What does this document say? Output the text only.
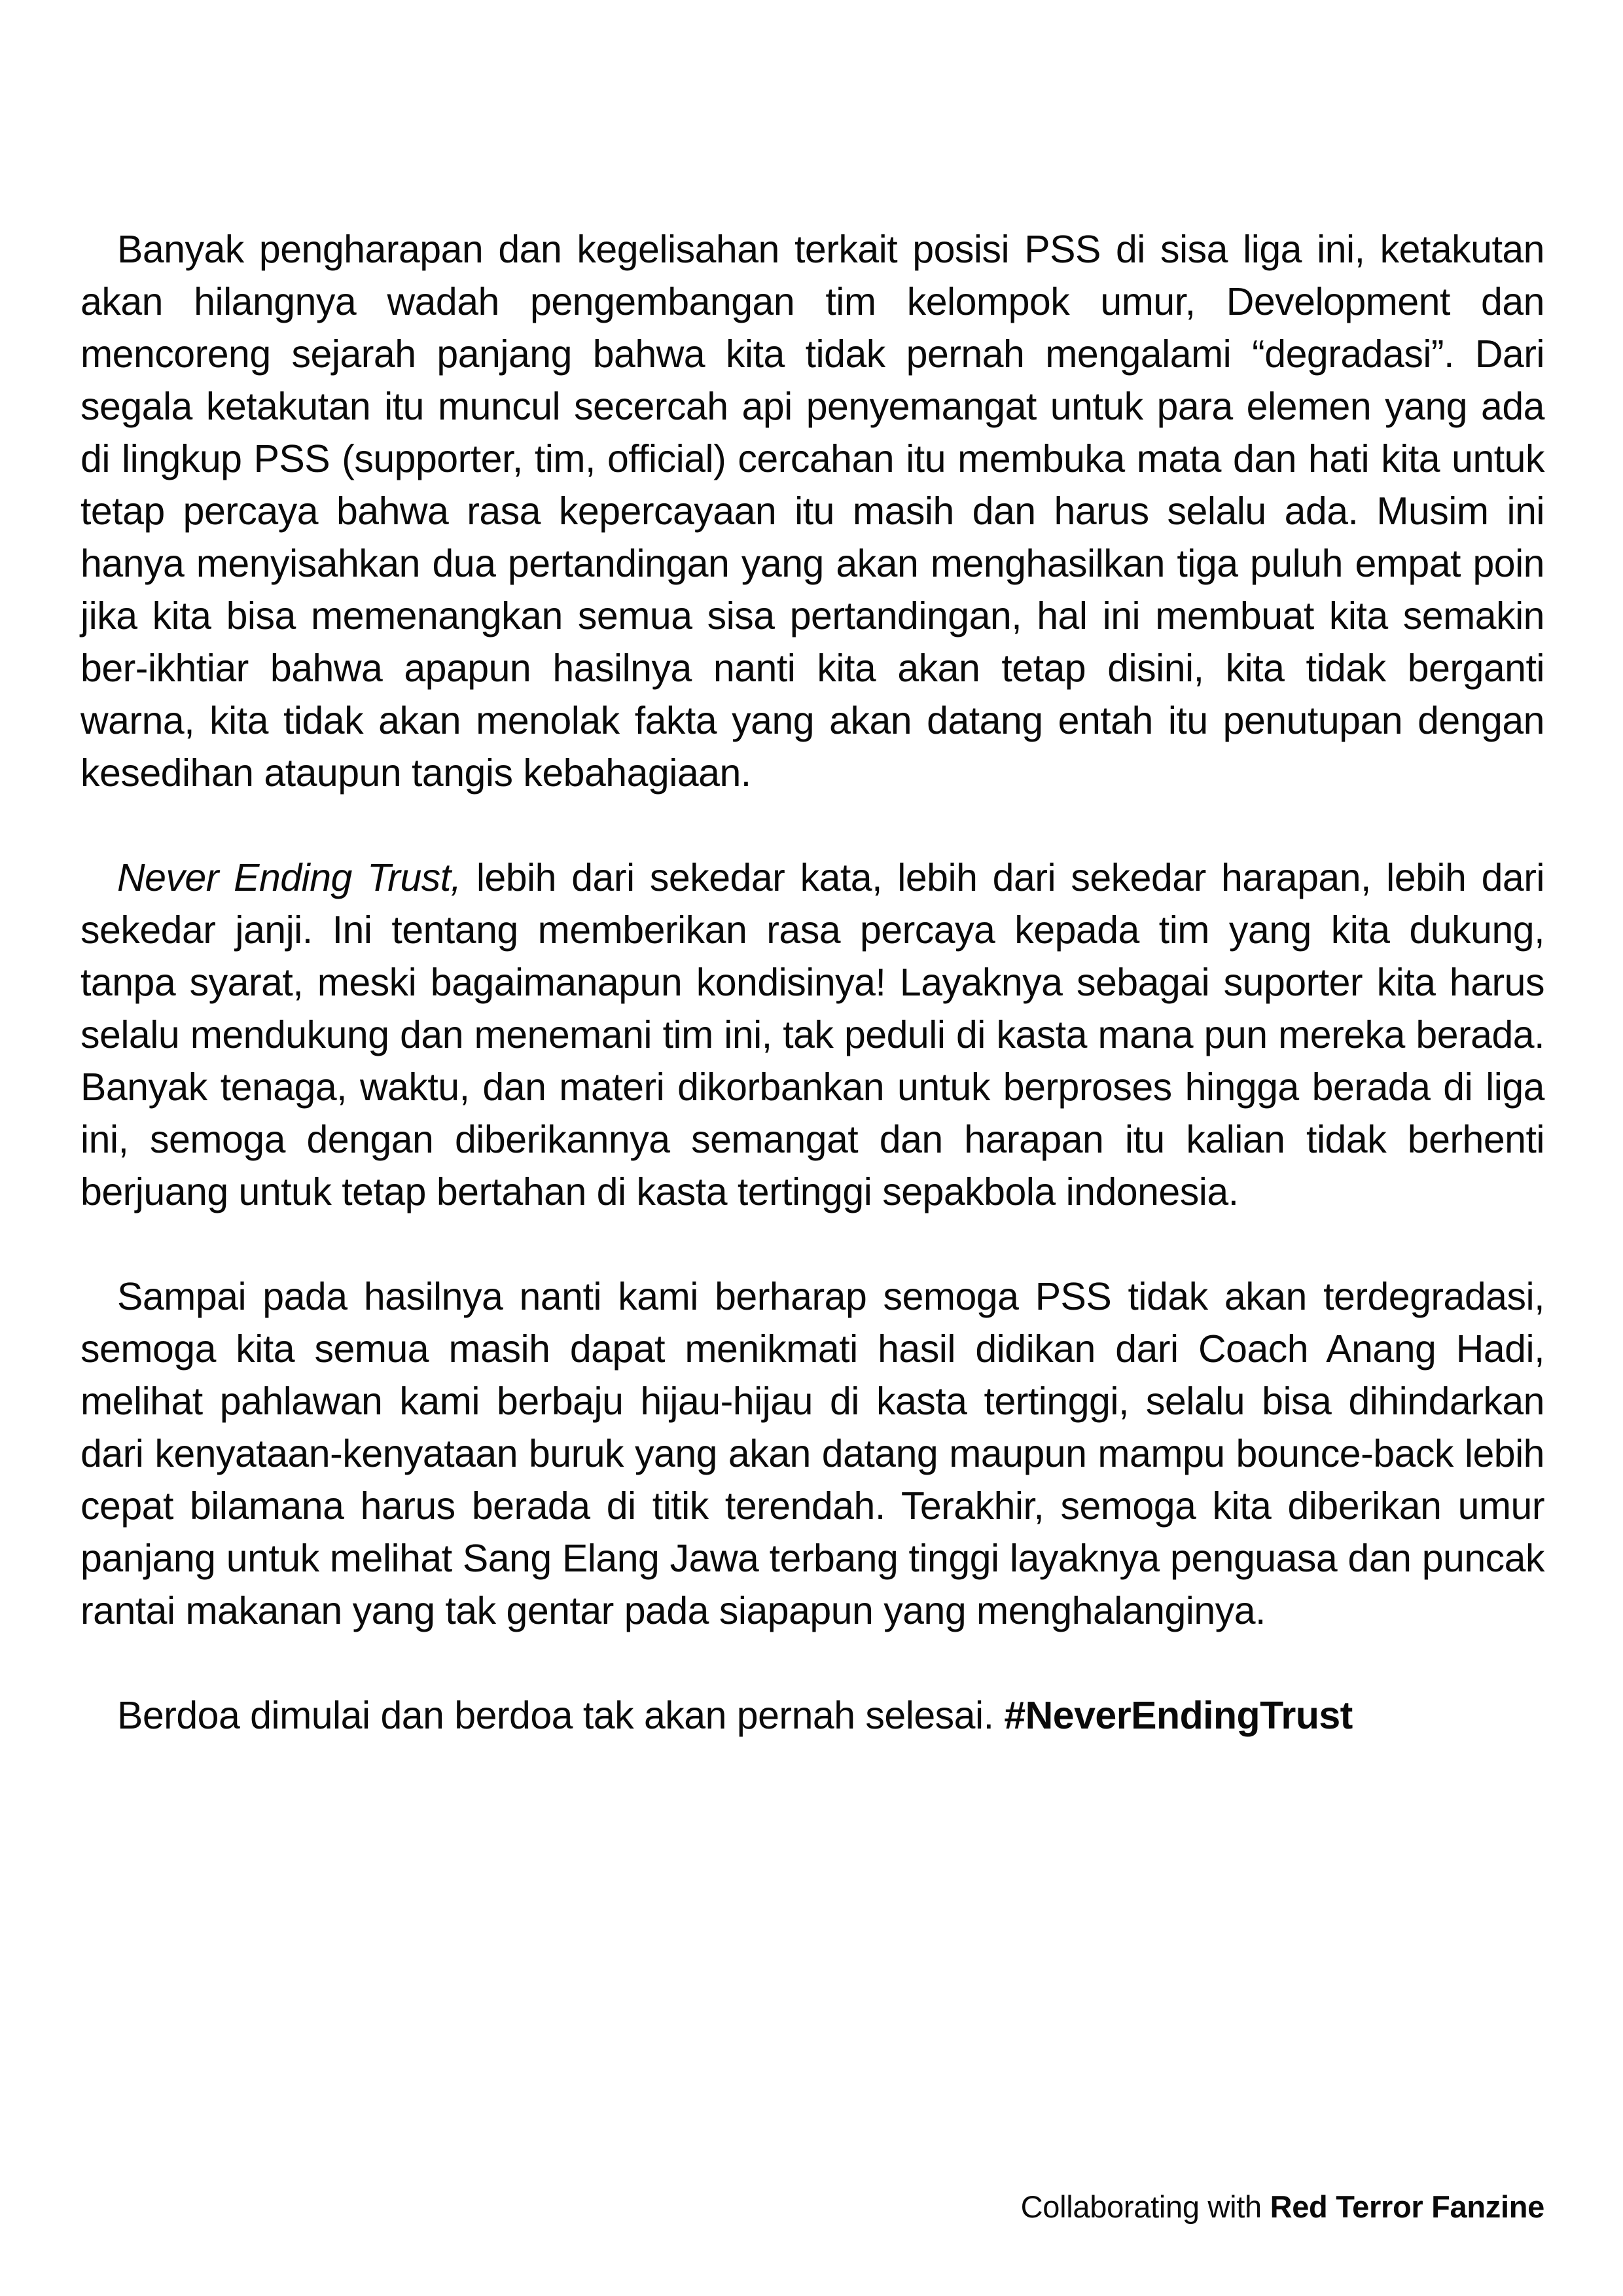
Banyak pengharapan dan kegelisahan terkait posisi PSS di sisa liga ini, ketakutan akan hilangnya wadah pengembangan tim kelompok umur, Development dan mencoreng sejarah panjang bahwa kita tidak pernah mengalami “degradasi”. Dari segala ketakutan itu muncul secercah api penyemangat untuk para elemen yang ada di lingkup PSS (supporter, tim, official) cercahan itu membuka mata dan hati kita untuk tetap percaya bahwa rasa kepercayaan itu masih dan harus selalu ada. Musim ini hanya menyisahkan dua pertandingan yang akan menghasilkan tiga puluh empat poin jika kita bisa memenangkan semua sisa pertandingan, hal ini membuat kita semakin ber-ikhtiar bahwa apapun hasilnya nanti kita akan tetap disini, kita tidak berganti warna, kita tidak akan menolak fakta yang akan datang entah itu penutupan dengan kesedihan ataupun tangis kebahagiaan.

Never Ending Trust, lebih dari sekedar kata, lebih dari sekedar harapan, lebih dari sekedar janji. Ini tentang memberikan rasa percaya kepada tim yang kita dukung, tanpa syarat, meski bagaimanapun kondisinya! Layaknya sebagai suporter kita harus selalu mendukung dan menemani tim ini, tak peduli di kasta mana pun mereka berada. Banyak tenaga, waktu, dan materi dikorbankan untuk berproses hingga berada di liga ini, semoga dengan diberikannya semangat dan harapan itu kalian tidak berhenti berjuang untuk tetap bertahan di kasta tertinggi sepakbola indonesia.

Sampai pada hasilnya nanti kami berharap semoga PSS tidak akan terdegradasi, semoga kita semua masih dapat menikmati hasil didikan dari Coach Anang Hadi, melihat pahlawan kami berbaju hijau-hijau di kasta tertinggi, selalu bisa dihindarkan dari kenyataan-kenyataan buruk yang akan datang maupun mampu bounce-back lebih cepat bilamana harus berada di titik terendah. Terakhir, semoga kita diberikan umur panjang untuk melihat Sang Elang Jawa terbang tinggi layaknya penguasa dan puncak rantai makanan yang tak gentar pada siapapun yang menghalanginya.

Berdoa dimulai dan berdoa tak akan pernah selesai. #NeverEndingTrust

Collaborating with Red Terror Fanzine
